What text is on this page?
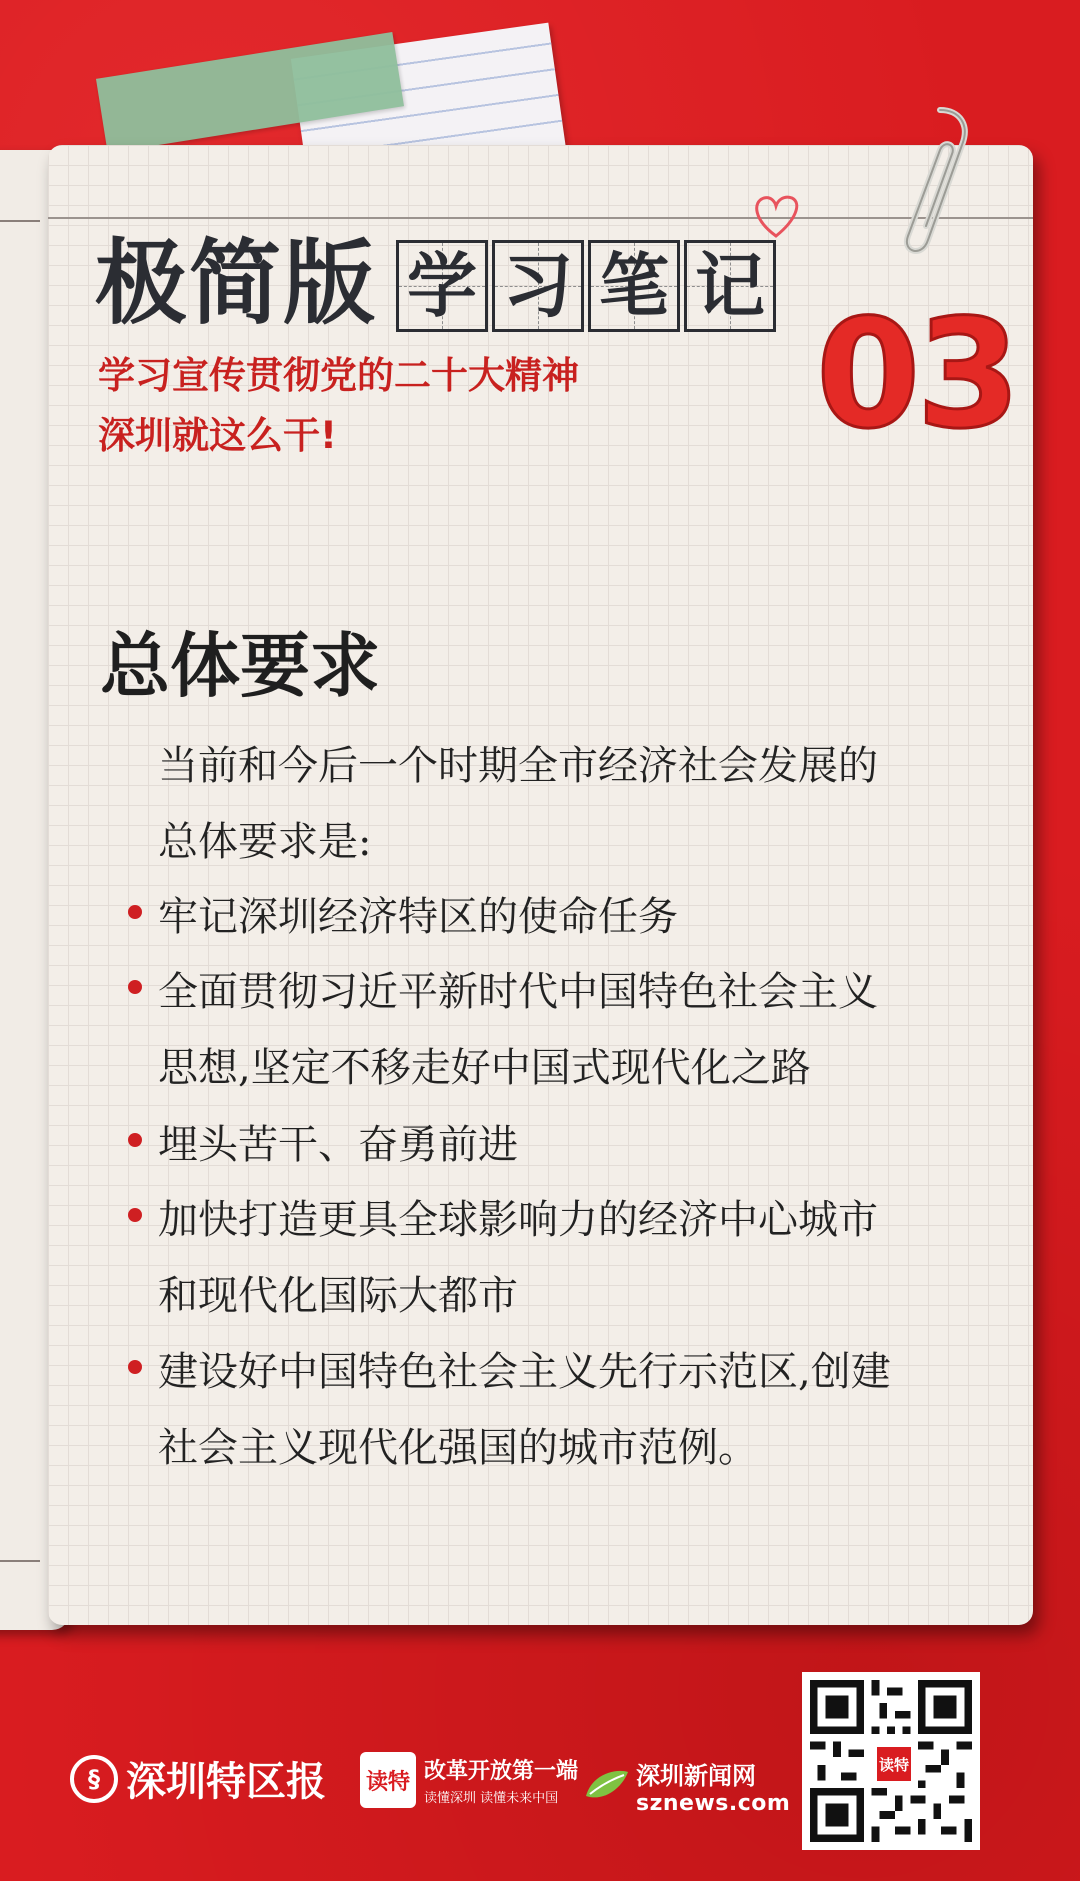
极简版 学 习 笔 记
学习宣传贯彻党的二十大精神
深圳就这么干!	03
总体要求
当前和今后一个时期全市经济社会发展的
总体要求是:
牢记深圳经济特区的使命任务
全面贯彻习近平新时代中国特色社会主义
思想,坚定不移走好中国式现代化之路
埋头苦干、奋勇前进
加快打造更具全球影响力的经济中心城市
和现代化国际大都市
建设好中国特色社会主义先行示范区,创建
社会主义现代化强国的城市范例。
§ 深圳特区报 读特 改革开放第一端
读懂深圳 读懂未来中国
深圳新闻网
sznews.com
读特
